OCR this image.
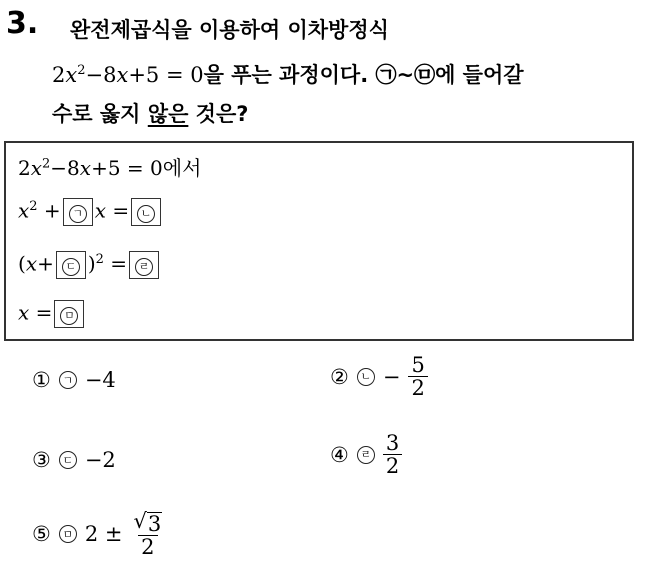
3. 완전제곱식을 이용하여 이차방정식
$2x^2-8x+5 = 0$을 푸는 과정이다. ㉠~㉤에 들어갈
수로 옳지 않은 것은?
$2x^2-8x+5 = 0$에서
$x^2$ + ㄱ x = ㄴ
(x+ ㄷ )$^2$ = ㄹ
x = ㅁ
①	ㄱ −4	②	ㄴ − $\frac{5}{2}$
③	ㄷ −2	④	ㄹ $\frac{3}{2}$
⑤	ㅁ $2 \pm \frac{√ 3}{2}$
